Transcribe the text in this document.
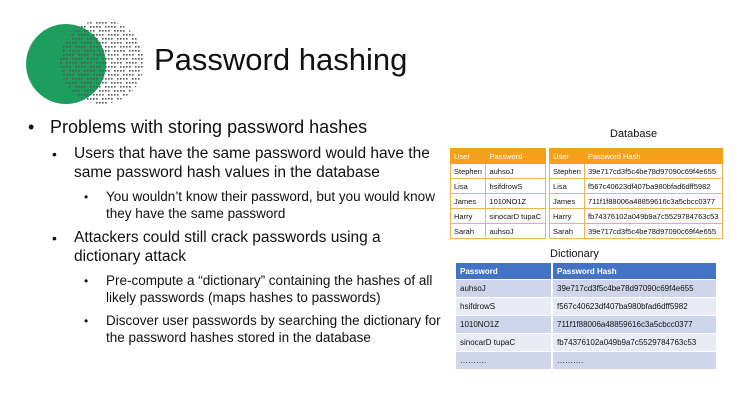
Password hashing
• Problems with storing password hashes
• Users that have the same password would have the same password hash values in the database
• You wouldn’t know their password, but you would know they have the same password
• Attackers could still crack passwords using a dictionary attack
• Pre-compute a “dictionary” containing the hashes of all likely passwords (maps hashes to passwords)
• Discover user passwords by searching the dictionary for the password hashes stored in the database
Database
User	Password
Stephen	auhsoJ
Lisa	hsifdrowS
James	1010NO1Z
Harry	sinocarD tupaC
Sarah	auhsoJ
User	Password Hash
Stephen	39e717cd3f5c4be78d97090c69f4e655
Lisa	f567c40623df407ba980bfad6dff5982
James	711f1f88006a48859616c3a5cbcc0377
Harry	fb74376102a049b9a7c5529784763c53
Sarah	39e717cd3f5c4be78d97090c69f4e655
Dictionary
Password	Password Hash
auhsoJ	39e717cd3f5c4be78d97090c69f4e655
hsifdrowS	f567c40623df407ba980bfad6dff5982
1010NO1Z	711f1f88006a48859616c3a5cbcc0377
sinocarD tupaC	fb74376102a049b9a7c5529784763c53
……….	……….
